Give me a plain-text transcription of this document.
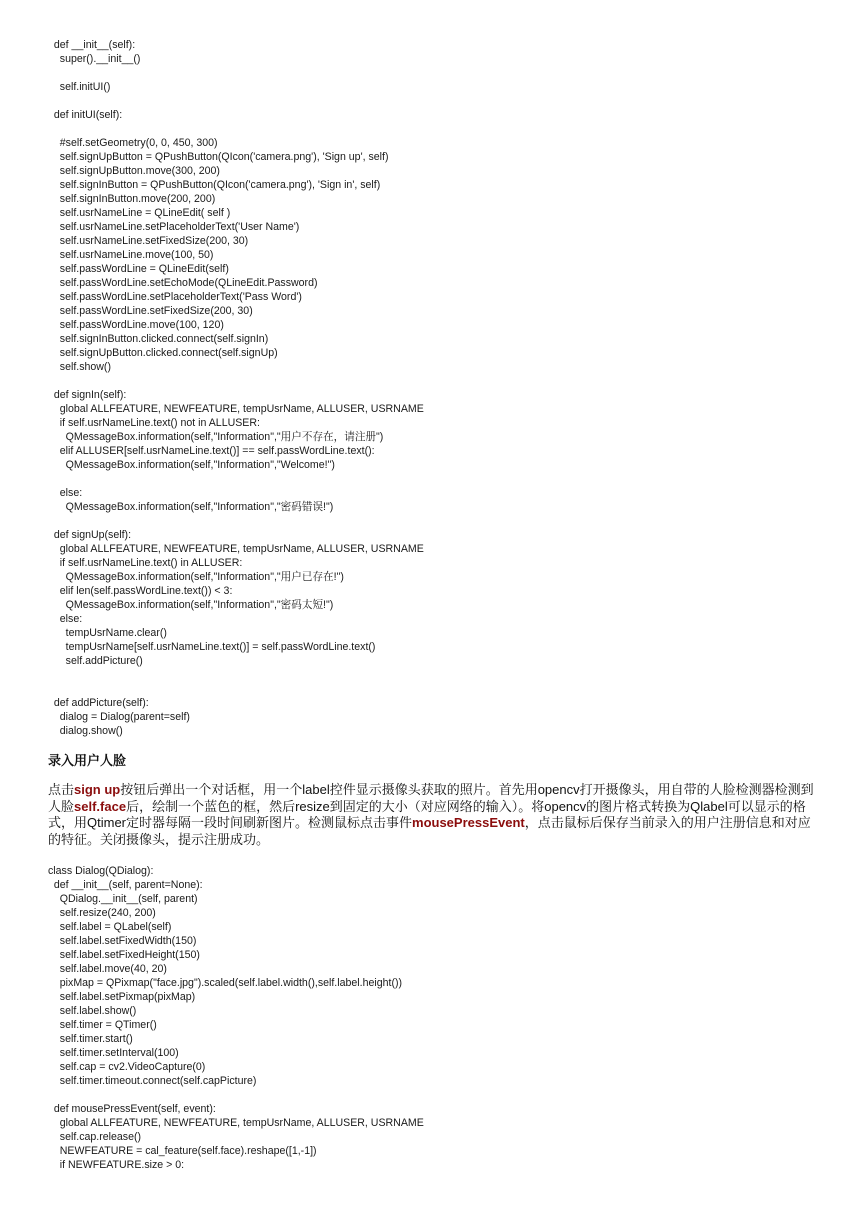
def __init__(self):
super().__init__()
self.initUI()
def initUI(self):
#self.setGeometry(0, 0, 450, 300)
self.signUpButton = QPushButton(QIcon('camera.png'), 'Sign up', self)
self.signUpButton.move(300, 200)
self.signInButton = QPushButton(QIcon('camera.png'), 'Sign in', self)
self.signInButton.move(200, 200)
self.usrNameLine = QLineEdit( self )
self.usrNameLine.setPlaceholderText('User Name')
self.usrNameLine.setFixedSize(200, 30)
self.usrNameLine.move(100, 50)
self.passWordLine = QLineEdit(self)
self.passWordLine.setEchoMode(QLineEdit.Password)
self.passWordLine.setPlaceholderText('Pass Word')
self.passWordLine.setFixedSize(200, 30)
self.passWordLine.move(100, 120)
self.signInButton.clicked.connect(self.signIn)
self.signUpButton.clicked.connect(self.signUp)
self.show()
def signIn(self):
global ALLFEATURE, NEWFEATURE, tempUsrName, ALLUSER, USRNAME
if self.usrNameLine.text() not in ALLUSER:
QMessageBox.information(self,"Information","用户不存在，请注册")
elif ALLUSER[self.usrNameLine.text()] == self.passWordLine.text():
QMessageBox.information(self,"Information","Welcome!")
else:
QMessageBox.information(self,"Information","密码错误!")
def signUp(self):
global ALLFEATURE, NEWFEATURE, tempUsrName, ALLUSER, USRNAME
if self.usrNameLine.text() in ALLUSER:
QMessageBox.information(self,"Information","用户已存在!")
elif len(self.passWordLine.text()) < 3:
QMessageBox.information(self,"Information","密码太短!")
else:
tempUsrName.clear()
tempUsrName[self.usrNameLine.text()] = self.passWordLine.text()
self.addPicture()
def addPicture(self):
dialog = Dialog(parent=self)
dialog.show()
录入用户人脸

点击sign up按钮后弹出一个对话框，用一个label控件显示摄像头获取的照片。首先用opencv打开摄像头，用自带的人脸检测器检测到人脸self.face后，绘制一个蓝色的框，然后resize到固定的大小（对应网络的输入）。将opencv的图片格式转换为Qlabel可以显示的格式，用Qtimer定时器每隔一段时间刷新图片。检测鼠标点击事件mousePressEvent，点击鼠标后保存当前录入的用户注册信息和对应的特征。关闭摄像头，提示注册成功。

class Dialog(QDialog):
def __init__(self, parent=None):
QDialog.__init__(self, parent)
self.resize(240, 200)
self.label = QLabel(self)
self.label.setFixedWidth(150)
self.label.setFixedHeight(150)
self.label.move(40, 20)
pixMap = QPixmap("face.jpg").scaled(self.label.width(),self.label.height())
self.label.setPixmap(pixMap)
self.label.show()
self.timer = QTimer()
self.timer.start()
self.timer.setInterval(100)
self.cap = cv2.VideoCapture(0)
self.timer.timeout.connect(self.capPicture)
def mousePressEvent(self, event):
global ALLFEATURE, NEWFEATURE, tempUsrName, ALLUSER, USRNAME
self.cap.release()
NEWFEATURE = cal_feature(self.face).reshape([1,-1])
if NEWFEATURE.size > 0:
